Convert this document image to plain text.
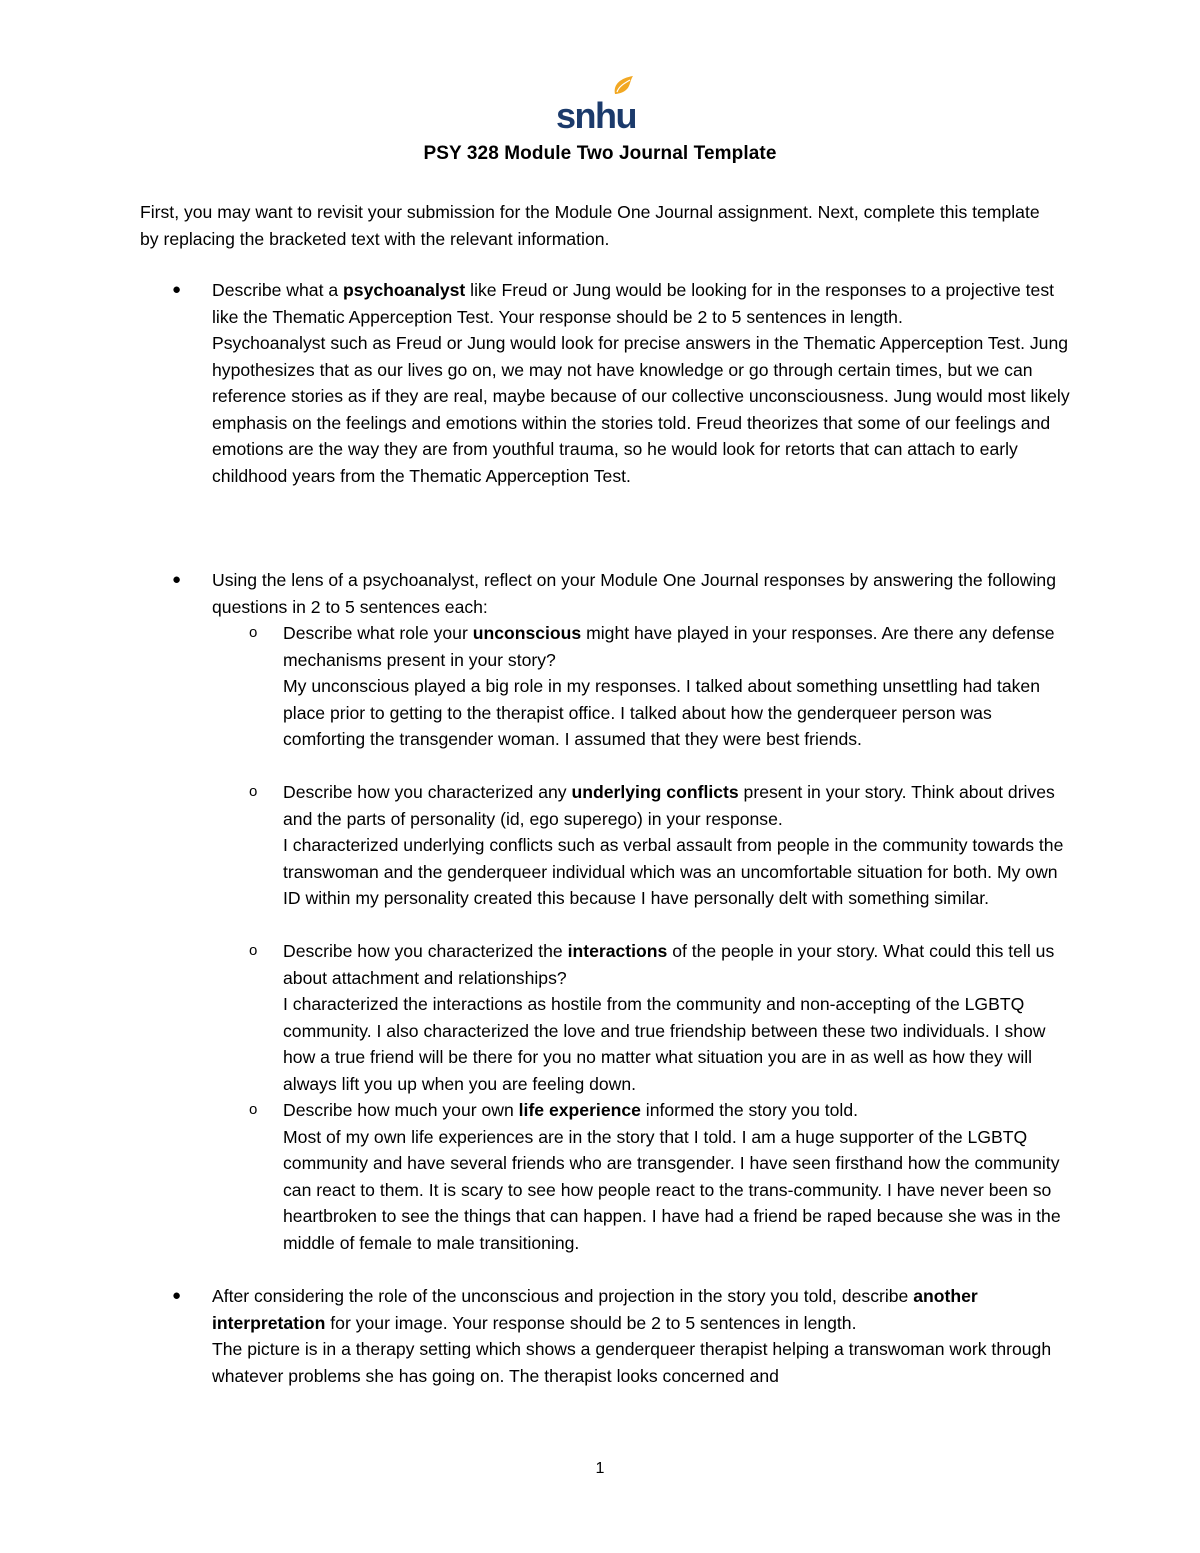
snhu
PSY 328 Module Two Journal Template
First, you may want to revisit your submission for the Module One Journal assignment. Next, complete this template by replacing the bracketed text with the relevant information.
● Describe what a psychoanalyst like Freud or Jung would be looking for in the responses to a projective test like the Thematic Apperception Test. Your response should be 2 to 5 sentences in length.

Psychoanalyst such as Freud or Jung would look for precise answers in the Thematic Apperception Test. Jung hypothesizes that as our lives go on, we may not have knowledge or go through certain times, but we can reference stories as if they are real, maybe because of our collective unconsciousness. Jung would most likely emphasis on the feelings and emotions within the stories told. Freud theorizes that some of our feelings and emotions are the way they are from youthful trauma, so he would look for retorts that can attach to early childhood years from the Thematic Apperception Test.

● Using the lens of a psychoanalyst, reflect on your Module One Journal responses by answering the following questions in 2 to 5 sentences each:

o Describe what role your unconscious might have played in your responses. Are there any defense mechanisms present in your story?

My unconscious played a big role in my responses. I talked about something unsettling had taken place prior to getting to the therapist office. I talked about how the genderqueer person was comforting the transgender woman. I assumed that they were best friends.

o Describe how you characterized any underlying conflicts present in your story. Think about drives and the parts of personality (id, ego superego) in your response.

I characterized underlying conflicts such as verbal assault from people in the community towards the transwoman and the genderqueer individual which was an uncomfortable situation for both. My own ID within my personality created this because I have personally delt with something similar.

o Describe how you characterized the interactions of the people in your story. What could this tell us about attachment and relationships?

I characterized the interactions as hostile from the community and non-accepting of the LGBTQ community. I also characterized the love and true friendship between these two individuals. I show how a true friend will be there for you no matter what situation you are in as well as how they will always lift you up when you are feeling down.

o Describe how much your own life experience informed the story you told.

Most of my own life experiences are in the story that I told. I am a huge supporter of the LGBTQ community and have several friends who are transgender. I have seen firsthand how the community can react to them. It is scary to see how people react to the trans-community. I have never been so heartbroken to see the things that can happen. I have had a friend be raped because she was in the middle of female to male transitioning.

● After considering the role of the unconscious and projection in the story you told, describe another interpretation for your image. Your response should be 2 to 5 sentences in length.

The picture is in a therapy setting which shows a genderqueer therapist helping a transwoman work through whatever problems she has going on. The therapist looks concerned and

1
